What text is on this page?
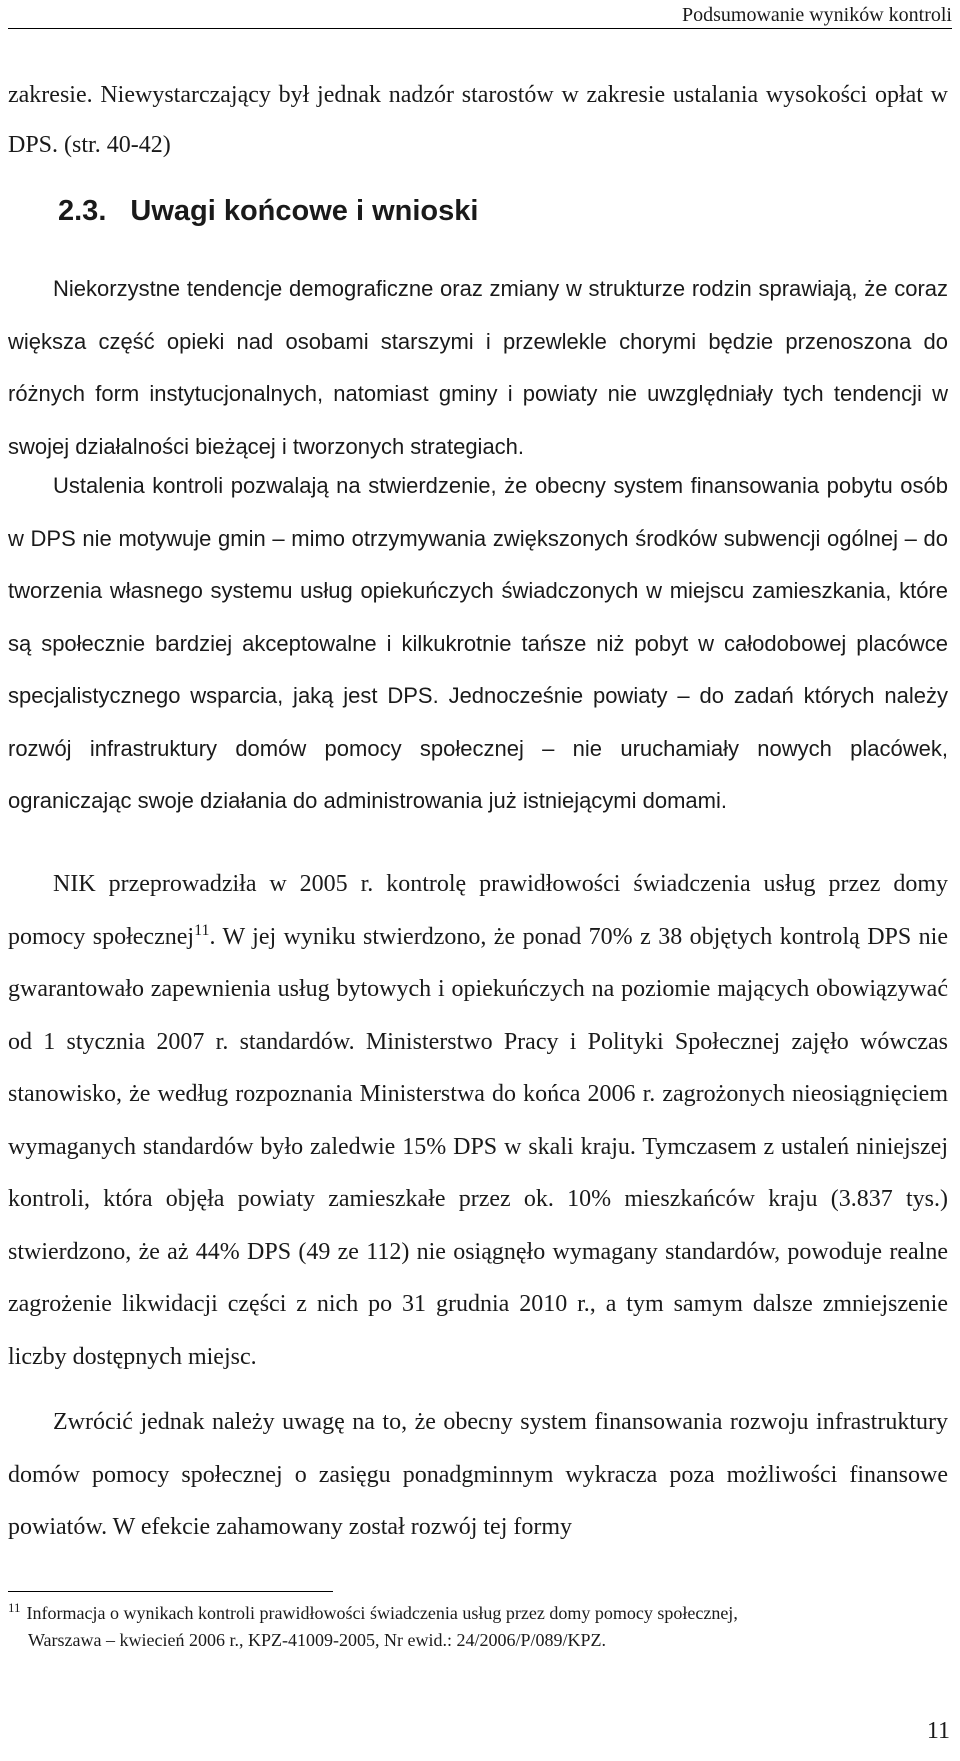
Podsumowanie wyników kontroli

zakresie. Niewystarczający był jednak nadzór starostów w zakresie ustalania wysokości opłat w DPS. (str. 40-42)

2.3. Uwagi końcowe i wnioski

Niekorzystne tendencje demograficzne oraz zmiany w strukturze rodzin sprawiają, że coraz większa część opieki nad osobami starszymi i przewlekle chorymi będzie przenoszona do różnych form instytucjonalnych, natomiast gminy i powiaty nie uwzględniały tych tendencji w swojej działalności bieżącej i tworzonych strategiach.

Ustalenia kontroli pozwalają na stwierdzenie, że obecny system finansowania pobytu osób w DPS nie motywuje gmin – mimo otrzymywania zwiększonych środków subwencji ogólnej – do tworzenia własnego systemu usług opiekuńczych świadczonych w miejscu zamieszkania, które są społecznie bardziej akceptowalne i kilkukrotnie tańsze niż pobyt w całodobowej placówce specjalistycznego wsparcia, jaką jest DPS. Jednocześnie powiaty – do zadań których należy rozwój infrastruktury domów pomocy społecznej – nie uruchamiały nowych placówek, ograniczając swoje działania do administrowania już istniejącymi domami.

NIK przeprowadziła w 2005 r. kontrolę prawidłowości świadczenia usług przez domy pomocy społecznej$^{11}$. W jej wyniku stwierdzono, że ponad 70% z 38 objętych kontrolą DPS nie gwarantowało zapewnienia usług bytowych i opiekuńczych na poziomie mających obowiązywać od 1 stycznia 2007 r. standardów. Ministerstwo Pracy i Polityki Społecznej zajęło wówczas stanowisko, że według rozpoznania Ministerstwa do końca 2006 r. zagrożonych nieosiągnięciem wymaganych standardów było zaledwie 15% DPS w skali kraju. Tymczasem z ustaleń niniejszej kontroli, która objęła powiaty zamieszkałe przez ok. 10% mieszkańców kraju (3.837 tys.) stwierdzono, że aż 44% DPS (49 ze 112) nie osiągnęło wymagany standardów, powoduje realne zagrożenie likwidacji części z nich po 31 grudnia 2010 r., a tym samym dalsze zmniejszenie liczby dostępnych miejsc.

Zwrócić jednak należy uwagę na to, że obecny system finansowania rozwoju infrastruktury domów pomocy społecznej o zasięgu ponadgminnym wykracza poza możliwości finansowe powiatów. W efekcie zahamowany został rozwój tej formy

$^{11}$ Informacja o wynikach kontroli prawidłowości świadczenia usług przez domy pomocy społecznej,
Warszawa – kwiecień 2006 r., KPZ-41009-2005, Nr ewid.: 24/2006/P/089/KPZ.
11
